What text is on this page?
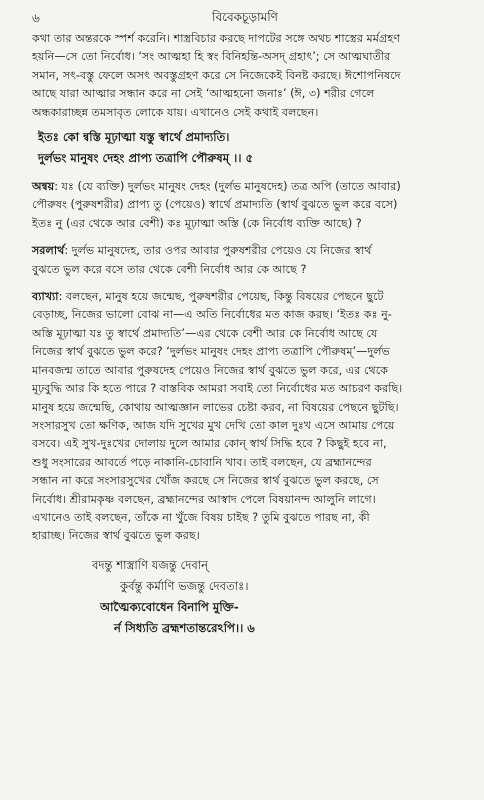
৬	বিবেকচূড়ামণি

কথা তার অন্তরকে স্পর্শ করেনি। শাস্ত্রবিচার করছে দাপটের সঙ্গে অথচ শাস্ত্রের মর্মগ্রহণ

হয়নি—সে তো নির্বোধ। ‘সং আত্মহা হি স্বং বিনিহন্তি-অসদ্ গ্রহাৎ’; সে আত্মঘাতীর

সমান, সৎ-বস্তু ফেলে অসৎ অবস্তুগ্রহণ করে সে নিজেকেই বিনষ্ট করছে। ঈশোপনিষদে

আছে যারা আত্মার সন্ধান করে না সেই ‘আত্মহনো জনাঃ’ (ঈ, ৩) শরীর গেলে

অন্ধকারাচ্ছন্ন তমসাবৃত লোকে যায়। এখানেও সেই কথাই বলছেন।

ইতঃ কো ন্বস্তি মূঢ়াত্মা যস্তু স্বার্থে প্রমাদ্যতি।

দুর্লভং মানুষং দেহং প্রাপ্য তত্রাপি পৌরুষম্ ।। ৫

অন্বয়: যঃ (যে ব্যক্তি) দুর্লভং মানুষং দেহং (দুর্লভ মানুষদেহ) তত্র অপি (তাতে আবার)

পৌরুষং (পুরুষশরীর) প্রাপ্য তু (পেয়েও) স্বার্থে প্রমাদ্যতি (স্বার্থ বুঝতে ভুল করে বসে)

ইতঃ নু (এর থেকে আর বেশী) কঃ মূঢ়াত্মা অস্তি (কে নির্বোধ ব্যক্তি আছে) ?

সরলার্থ: দুর্লভ মানুষদেহ, তার ওপর আবার পুরুষশরীর পেয়েও যে নিজের স্বার্থ

বুঝতে ভুল করে বসে তার থেকে বেশী নির্বোধ আর কে আছে ?

ব্যাখ্যা: বলছেন, মানুষ হয়ে জন্মেছ, পুরুষশরীর পেয়েছ, কিন্তু বিষয়ের পেছনে ছুটে

বেড়াচ্ছ, নিজের ভালো বোঝ না—এ অতি নির্বোধের মত কাজ করছ। ‘ইতঃ কঃ নু-

অস্তি মূঢ়াত্মা যঃ তু স্বার্থে প্রমাদ্যতি’—এর থেকে বেশী আর কে নির্বোধ আছে যে

নিজের স্বার্থ বুঝতে ভুল করে? ‘দুর্লভং মানুষং দেহং প্রাপ্য তত্রাপি পৌরুষম্’—দুর্লভ

মানবজন্ম তাতে আবার পুরুষদেহ পেয়েও নিজের স্বার্থ বুঝতে ভুল করে, এর থেকে

মূঢ়বুদ্ধি আর কি হতে পারে ? বাস্তবিক আমরা সবাই তো নির্বোধের মত আচরণ করছি।

মানুষ হয়ে জন্মেছি, কোথায় আত্মজ্ঞান লাভের চেষ্টা করব, না বিষয়ের পেছনে ছুটছি।

সংসারসুখ তো ক্ষণিক, আজ যদি সুখের মুখ দেখি তো কাল দুঃখ এসে আমায় পেয়ে

বসবে। এই সুখ-দুঃখের দোলায় দুলে আমার কোন্ স্বার্থ সিদ্ধি হবে ? কিছুই হবে না,

শুধু সংসারের আবর্তে পড়ে নাকানি-চোবানি খাব। তাই বলছেন, যে ব্রহ্মানন্দের

সন্ধান না করে সংসারসুখের খোঁজ করছে সে নিজের স্বার্থ বুঝতে ভুল করছে, সে

নির্বোধ। শ্রীরামকৃষ্ণ বলছেন, ব্রহ্মানন্দের আস্বাদ পেলে বিষয়ানন্দ আলুনি লাগে।

এখানেও তাই বলছেন, তাঁকে না খুঁজে বিষয় চাইছ ? তুমি বুঝতে পারছ না, কী

হারাচ্ছ। নিজের স্বার্থ বুঝতে ভুল করছ।

বদন্তু শাস্ত্রাণি যজন্তু দেবান্

কুর্বন্তু কর্মাণি ভজন্তু দেবতাঃ।

আত্মৈক্যবোধেন বিনাপি মুক্তি-

র্ন সিধ্যতি ব্রহ্মশতান্তরেঽপি।। ৬
